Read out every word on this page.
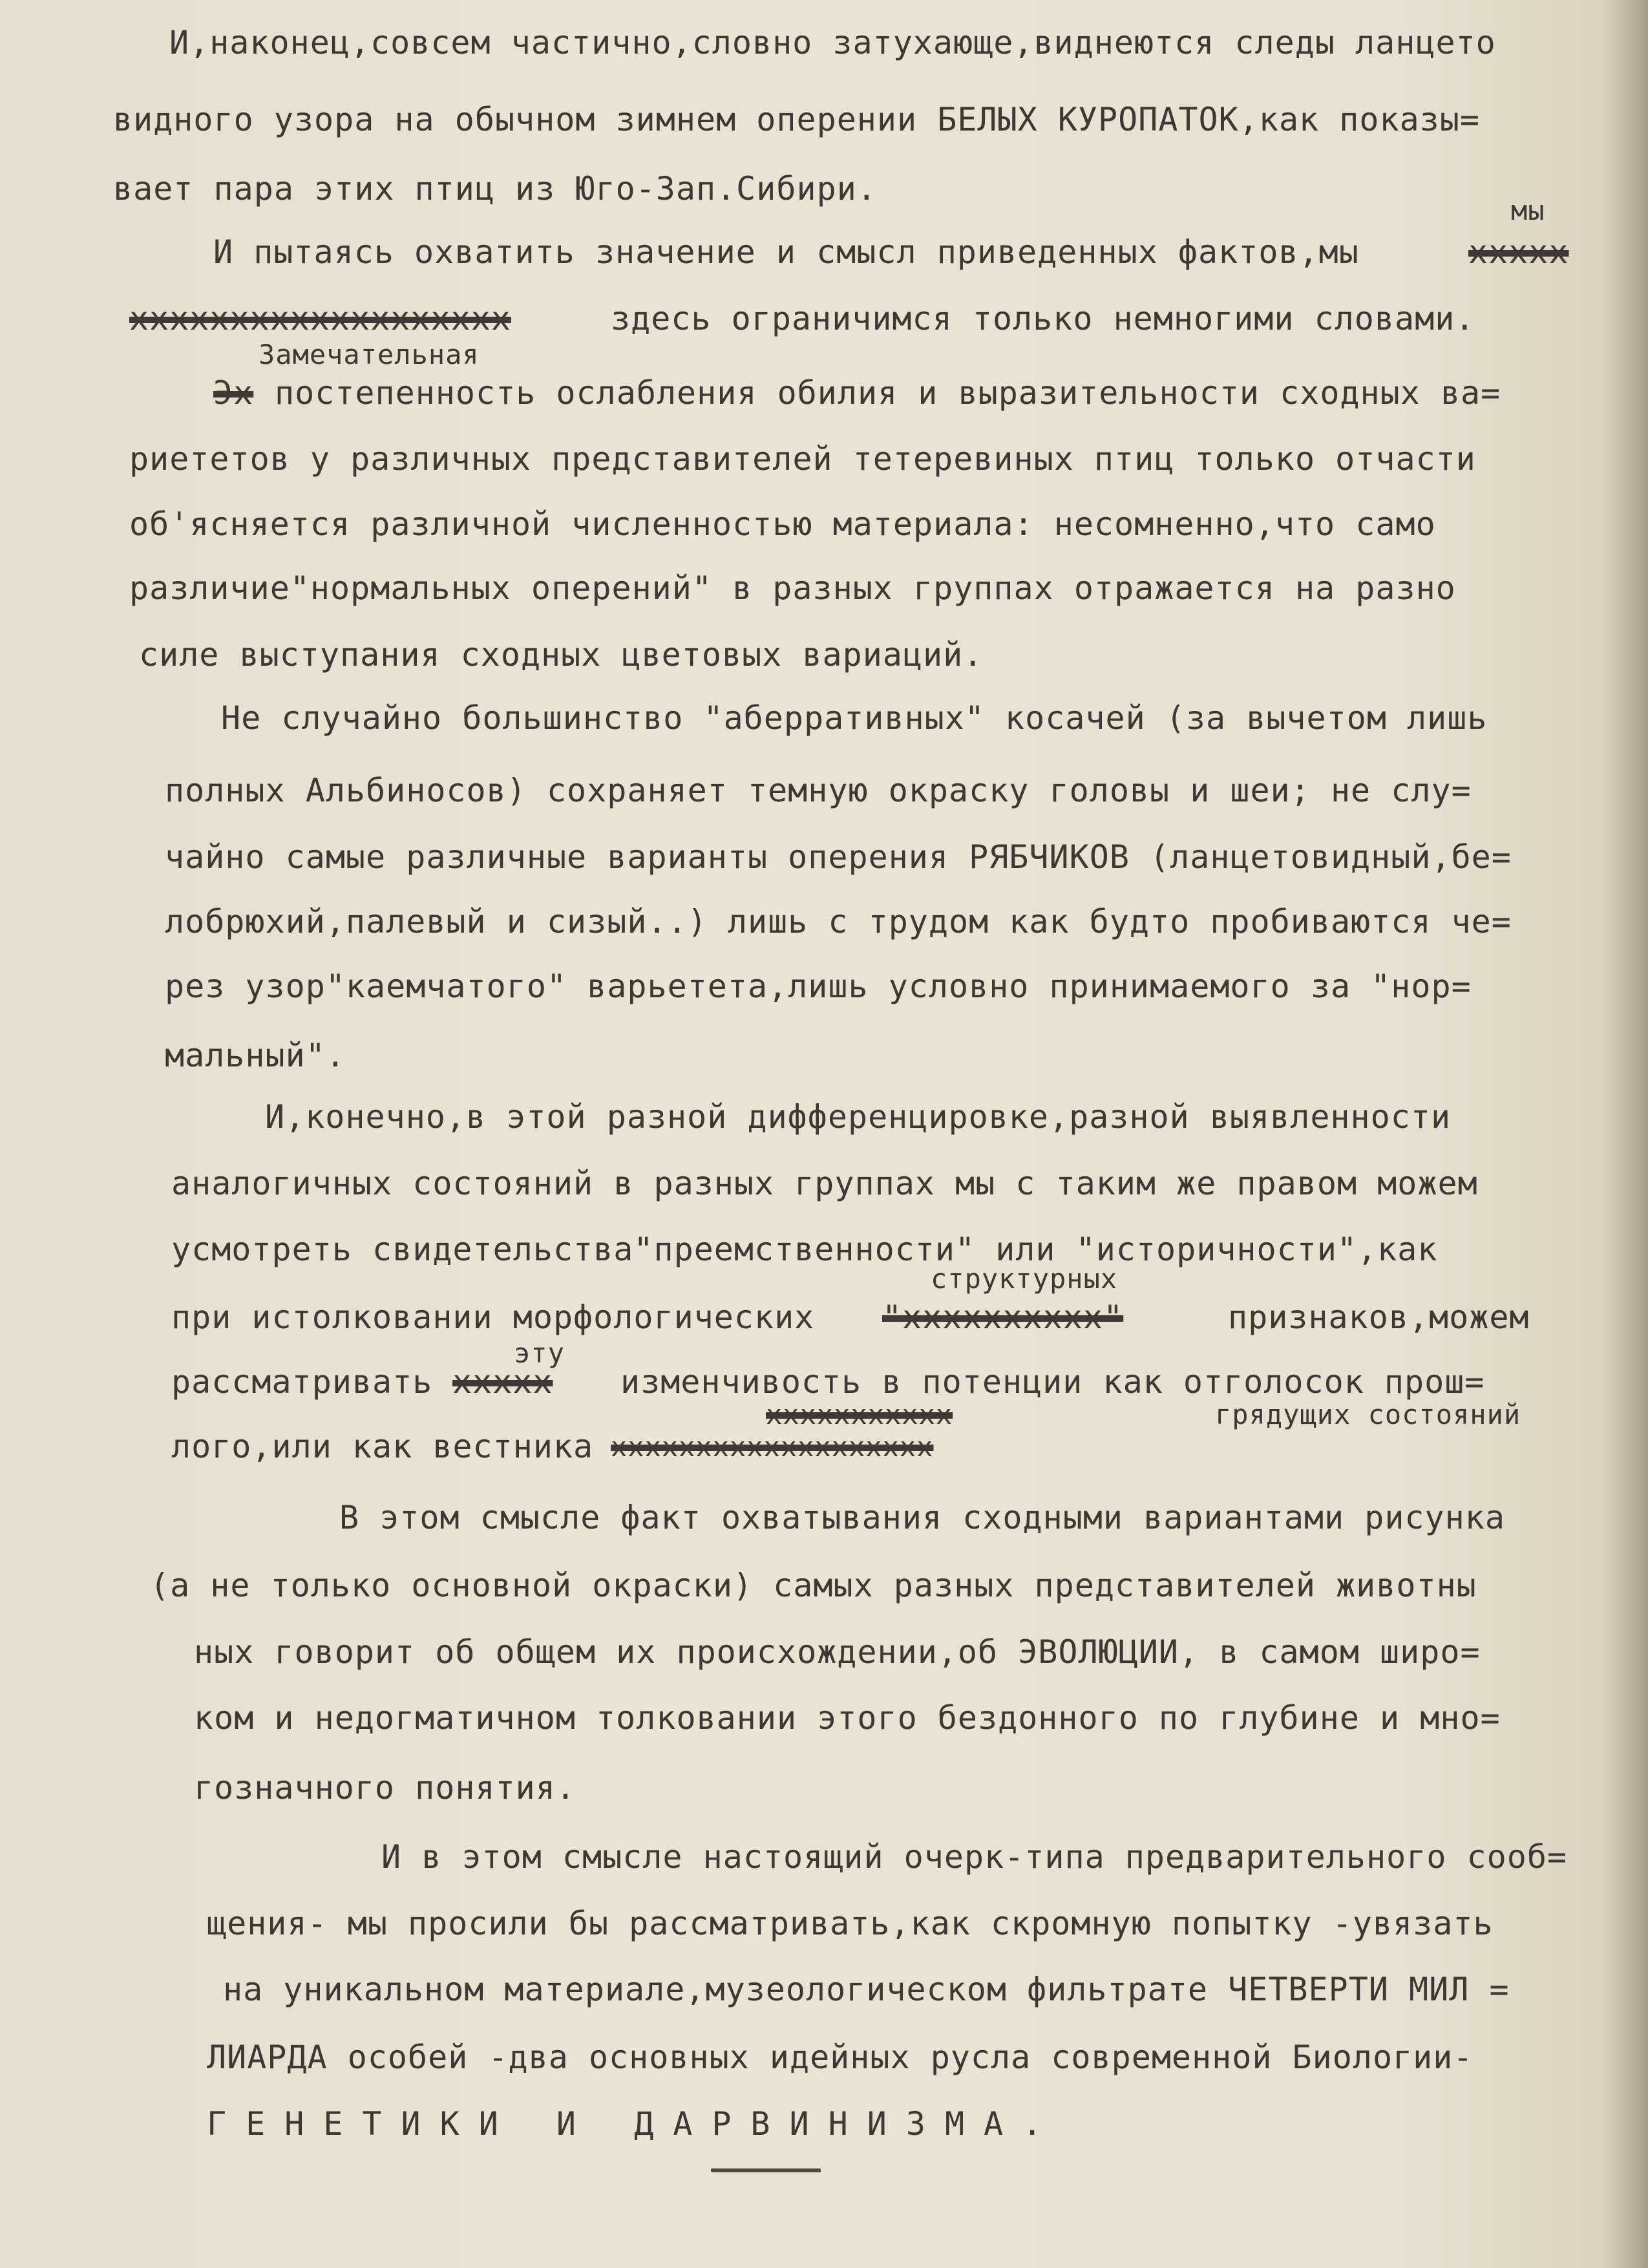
И,наконец,совсем частично,словно затухающе,виднеются следы ланцето
видного узора на обычном зимнем оперении БЕЛЫХ КУРОПАТОК,как показы=
вает пара этих птиц из Юго-Зап.Сибири.
мы
И пытаясь охватить значение и смысл приведенных фактов,мы	ххххх
ххххххххххххххххххх	здесь ограничимся только немногими словами.
Замечательная
Эх постепенность ослабления обилия и выразительности сходных ва=
риететов у различных представителей тетеревиных птиц только отчасти
об'ясняется различной численностью материала: несомненно,что само
различие"нормальных оперений" в разных группах отражается на разно
силе выступания сходных цветовых вариаций.
Не случайно большинство "аберративных" косачей (за вычетом лишь
полных Альбиносов) сохраняет темную окраску головы и шеи; не слу=
чайно самые различные варианты оперения РЯБЧИКОВ (ланцетовидный,бе=
лобрюхий,палевый и сизый..) лишь с трудом как будто пробиваются че=
рез узор"каемчатого" варьетета,лишь условно принимаемого за "нор=
мальный".
И,конечно,в этой разной дифференцировке,разной выявленности
аналогичных состояний в разных группах мы с таким же правом можем
усмотреть свидетельства"преемственности" или "историчности",как
структурных
при истолковании морфологических "хххххххххх"	признаков,можем
эту
рассматривать ххххх изменчивость в потенции как отголосок прош=
ххххххххххх	грядущих состояний
лого,или как вестника ххххххххххххххххххх
В этом смысле факт охватывания сходными вариантами рисунка
(а не только основной окраски) самых разных представителей животны
ных говорит об общем их происхождении,об ЭВОЛЮЦИИ, в самом широ=
ком и недогматичном толковании этого бездонного по глубине и мно=
гозначного понятия.
И в этом смысле настоящий очерк-типа предварительного сооб=
щения- мы просили бы рассматривать,как скромную попытку -увязать
на уникальном материале,музеологическом фильтрате ЧЕТВЕРТИ МИЛ =
ЛИАРДА особей -два основных идейных русла современной Биологии-
ГЕНЕТИКИ И ДАРВИНИЗМА.
